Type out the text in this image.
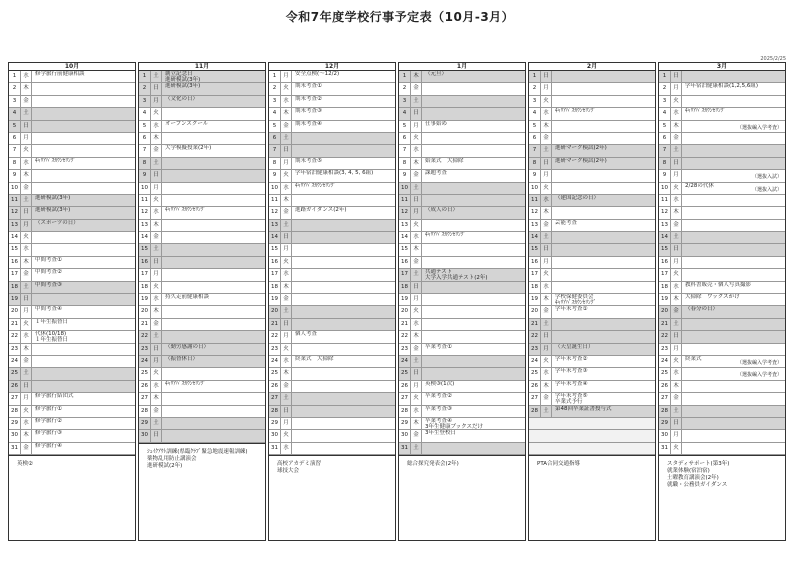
令和7年度学校行事予定表（10月-3月）
2025/2/25
10月
1	水	修学旅行前健康相談
2	木
3	金
4	土
5	日
6	月
7	火
8	水	ｷｬﾘｱﾊﾟｽｶｳﾝｾﾘﾝｸﾞ
9	木
10 金
11 土	進研模試(3年)
12 日	進研模試(3年)
13 月	（スポーツの日）
14 火
15 水
16 木	中間考査①
17 金	中間考査②
18 土	中間考査③
19 日
20 月	中間考査④
21 火	１年生振替日
22 水	代休(10/18)
１年生振替日
23 木
24 金
25 土
26 日
27 月	修学旅行結団式
28 火	修学旅行①
29 水	修学旅行②
30 木	修学旅行③
31 金	修学旅行④
英検②
11月
1	土	創立記念日
進研模試(3年)
2	日	進研模試(3年)
3	月	（文化の日）
4	火
5	水	オープンスクール
6	木
7	金	大学模擬授業(2年)
8	土
9	日
10 月
11 火
12 水	ｷｬﾘｱﾊﾟｽｶｳﾝｾﾘﾝｸﾞ
13 木
14 金
15 土
16 日
17 月
18 火
19 水	持久走前健康相談
20 木
21 金
22 土
23 日	（勤労感謝の日）
24 月	（振替休日）
25 火
26 水	ｷｬﾘｱﾊﾟｽｶｳﾝｾﾘﾝｸﾞ
27 木
28 金
29 土
30 日
ｼｪｲｸｱｳﾄ訓練(県臨ｸﾗﾌﾞ緊急地震速報訓練)
薬物乱用防止講演会
進研模試(2年)
12月
1	月	安全点検(～12/2)
2	火	期末考査①
3	水	期末考査②
4	木	期末考査③
5	金	期末考査④
6	土
7	日
8	月	期末考査⑤
9	火	学年宿泊健康相談(3, 4, 5, 6組)
10 水	ｷｬﾘｱﾊﾟｽｶｳﾝｾﾘﾝｸﾞ
11 木
12 金	進路ガイダンス(2年)
13 土
14 日
15 月
16 火
17 水
18 木
19 金
20 土
21 日
22 月	個人考査
23 火
24 水	終業式　大掃除
25 木
26 金
27 土
28 日
29 月
30 火
31 水
高校アカデミ演習
球技大会
1月
1	木	（元旦）
2	金
3	土
4	日
5	月	仕事始め
6	火
7	水
8	木	始業式　大掃除
9	金	課題考査
10 土
11 日
12 月	（成人の日）
13 火
14 水	ｷｬﾘｱﾊﾟｽｶｳﾝｾﾘﾝｸﾞ
15 木
16 金
17 土	共通テスト
大学入学共通テスト(2年)
18 日
19 月
20 火
21 水
22 木
23 金	卒業考査①
24 土
25 日
26 月	英検③(1次)
27 火	卒業考査②
28 水	卒業考査③
29 木	卒業考査④
3年生健康ブックスだけ
30 金	3年生登校日
31 土
総合探究発表会(2年)
2月
1	日
2	月
3	火
4	水	ｷｬﾘｱﾊﾟｽｶｳﾝｾﾘﾝｸﾞ
5	木
6	金
7	土	進研マーク模試(2年)
8	日	進研マーク模試(2年)
9	月
10 火
11 水	（建国記念の日）
12 木
13 金	芸能考査
14 土
15 日
16 月
17 火
18 水
19 木	学校保健委員会
ｷｬﾘｱﾊﾟｽｶｳﾝｾﾘﾝｸﾞ
20 金	学年末考査①
21 土
22 日
23 月	（天皇誕生日）
24 火	学年末考査②
25 水	学年末考査③
26 木	学年末考査④
27 金	学年末考査⑤
卒業式予行
28 土	第48回卒業証書授与式
PTA合同交通指導
3月
1	日
2	月	学年宿泊健康相談(1,2,5,6組)
3	火
4	水	ｷｬﾘｱﾊﾟｽｶｳﾝｾﾘﾝｸﾞ
5	木	（選抜編入学考査）
6	金
7	土
8	日
9	月	（選抜入試）
10 火	2/28の代休
（選抜入試）
11 水
12 木
13 金
14 土
15 日
16 月
17 火
18 水	教科書販売・個人写真撮影
19 木	大掃除　ワックスがけ
20 金	（春分の日）
21 土
22 日
23 月
24 火	終業式
（選抜編入学考査）
25 水	（選抜編入学考査）
26 木
27 金
28 土
29 日
30 月
31 火
スタディサポート(第3年)
就業体験(宿泊宿)
土曜教育講演会(2年)
就職・公務員ガイダンス
